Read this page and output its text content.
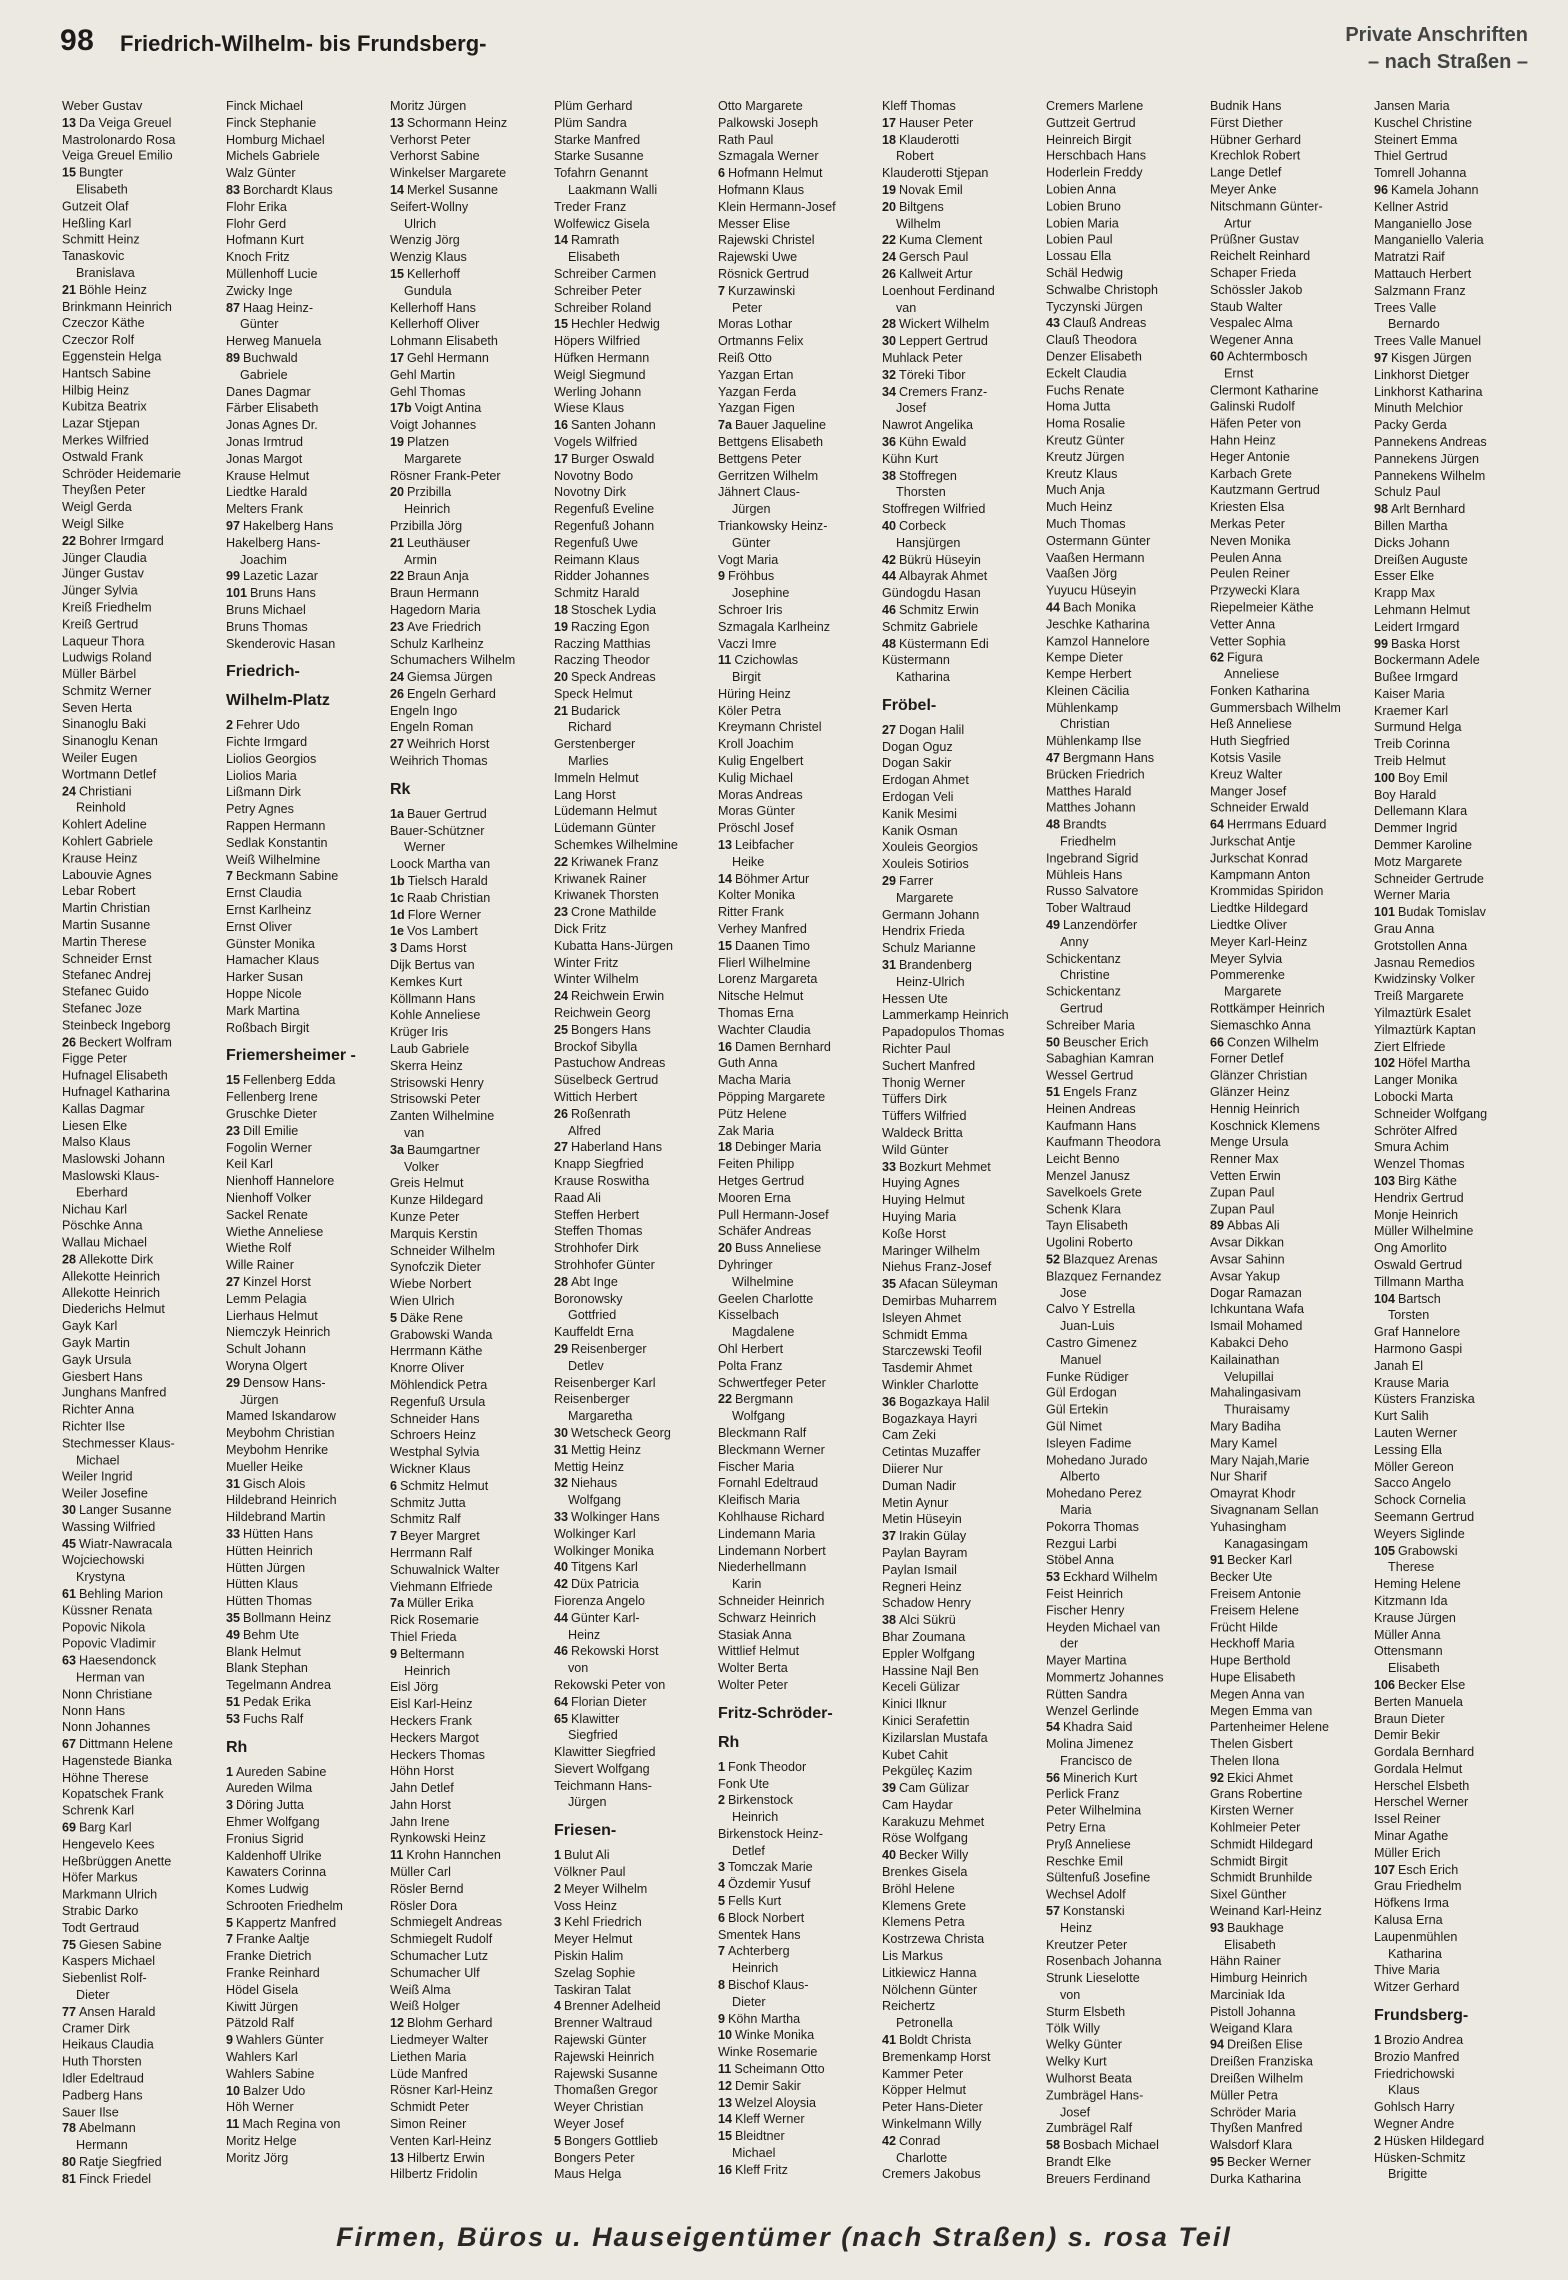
98 Friedrich-Wilhelm- bis Frundsberg-	Private Anschriften
– nach Straßen –
Weber Gustav
13 Da Veiga Greuel
Mastrolonardo Rosa
Veiga Greuel Emilio
15 Bungter
Elisabeth
Gutzeit Olaf
Heßling Karl
Schmitt Heinz
Tanaskovic
Branislava
21 Böhle Heinz
Brinkmann Heinrich
Czeczor Käthe
Czeczor Rolf
Eggenstein Helga
Hantsch Sabine
Hilbig Heinz
Kubitza Beatrix
Lazar Stjepan
Merkes Wilfried
Ostwald Frank
Schröder Heidemarie
Theyßen Peter
Weigl Gerda
Weigl Silke
22 Bohrer Irmgard
Jünger Claudia
Jünger Gustav
Jünger Sylvia
Kreiß Friedhelm
Kreiß Gertrud
Laqueur Thora
Ludwigs Roland
Müller Bärbel
Schmitz Werner
Seven Herta
Sinanoglu Baki
Sinanoglu Kenan
Weiler Eugen
Wortmann Detlef
24 Christiani
Reinhold
Kohlert Adeline
Kohlert Gabriele
Krause Heinz
Labouvie Agnes
Lebar Robert
Martin Christian
Martin Susanne
Martin Therese
Schneider Ernst
Stefanec Andrej
Stefanec Guido
Stefanec Joze
Steinbeck Ingeborg
26 Beckert Wolfram
Figge Peter
Hufnagel Elisabeth
Hufnagel Katharina
Kallas Dagmar
Liesen Elke
Malso Klaus
Maslowski Johann
Maslowski Klaus-
Eberhard
Nichau Karl
Pöschke Anna
Wallau Michael
28 Allekotte Dirk
Allekotte Heinrich
Allekotte Heinrich
Diederichs Helmut
Gayk Karl
Gayk Martin
Gayk Ursula
Giesbert Hans
Junghans Manfred
Richter Anna
Richter Ilse
Stechmesser Klaus-
Michael
Weiler Ingrid
Weiler Josefine
30 Langer Susanne
Wassing Wilfried
45 Wiatr-Nawracala
Wojciechowski
Krystyna
61 Behling Marion
Küssner Renata
Popovic Nikola
Popovic Vladimir
63 Haesendonck
Herman van
Nonn Christiane
Nonn Hans
Nonn Johannes
67 Dittmann Helene
Hagenstede Bianka
Höhne Therese
Kopatschek Frank
Schrenk Karl
69 Barg Karl
Hengevelo Kees
Heßbrüggen Anette
Höfer Markus
Markmann Ulrich
Strabic Darko
Todt Gertraud
75 Giesen Sabine
Kaspers Michael
Siebenlist Rolf-
Dieter
77 Ansen Harald
Cramer Dirk
Heikaus Claudia
Huth Thorsten
Idler Edeltraud
Padberg Hans
Sauer Ilse
78 Abelmann
Hermann
80 Ratje Siegfried
81 Finck Friedel
Finck Michael
Finck Stephanie
Homburg Michael
Michels Gabriele
Walz Günter
83 Borchardt Klaus
Flohr Erika
Flohr Gerd
Hofmann Kurt
Knoch Fritz
Müllenhoff Lucie
Zwicky Inge
87 Haag Heinz-
Günter
Herweg Manuela
89 Buchwald
Gabriele
Danes Dagmar
Färber Elisabeth
Jonas Agnes Dr.
Jonas Irmtrud
Jonas Margot
Krause Helmut
Liedtke Harald
Melters Frank
97 Hakelberg Hans
Hakelberg Hans-
Joachim
99 Lazetic Lazar
101 Bruns Hans
Bruns Michael
Bruns Thomas
Skenderovic Hasan
Friedrich-
Wilhelm-Platz
2 Fehrer Udo
Fichte Irmgard
Liolios Georgios
Liolios Maria
Lißmann Dirk
Petry Agnes
Rappen Hermann
Sedlak Konstantin
Weiß Wilhelmine
7 Beckmann Sabine
Ernst Claudia
Ernst Karlheinz
Ernst Oliver
Günster Monika
Hamacher Klaus
Harker Susan
Hoppe Nicole
Mark Martina
Roßbach Birgit
Friemersheimer -
15 Fellenberg Edda
Fellenberg Irene
Gruschke Dieter
23 Dill Emilie
Fogolin Werner
Keil Karl
Nienhoff Hannelore
Nienhoff Volker
Sackel Renate
Wiethe Anneliese
Wiethe Rolf
Wille Rainer
27 Kinzel Horst
Lemm Pelagia
Lierhaus Helmut
Niemczyk Heinrich
Schult Johann
Woryna Olgert
29 Densow Hans-
Jürgen
Mamed Iskandarow
Meybohm Christian
Meybohm Henrike
Mueller Heike
31 Gisch Alois
Hildebrand Heinrich
Hildebrand Martin
33 Hütten Hans
Hütten Heinrich
Hütten Jürgen
Hütten Klaus
Hütten Thomas
35 Bollmann Heinz
49 Behm Ute
Blank Helmut
Blank Stephan
Tegelmann Andrea
51 Pedak Erika
53 Fuchs Ralf
Rh
1 Aureden Sabine
Aureden Wilma
3 Döring Jutta
Ehmer Wolfgang
Fronius Sigrid
Kaldenhoff Ulrike
Kawaters Corinna
Komes Ludwig
Schrooten Friedhelm
5 Kappertz Manfred
7 Franke Aaltje
Franke Dietrich
Franke Reinhard
Hödel Gisela
Kiwitt Jürgen
Pätzold Ralf
9 Wahlers Günter
Wahlers Karl
Wahlers Sabine
10 Balzer Udo
Höh Werner
11 Mach Regina von
Moritz Helge
Moritz Jörg
Moritz Jürgen
13 Schormann Heinz
Verhorst Peter
Verhorst Sabine
Winkelser Margarete
14 Merkel Susanne
Seifert-Wollny
Ulrich
Wenzig Jörg
Wenzig Klaus
15 Kellerhoff
Gundula
Kellerhoff Hans
Kellerhoff Oliver
Lohmann Elisabeth
17 Gehl Hermann
Gehl Martin
Gehl Thomas
17b Voigt Antina
Voigt Johannes
19 Platzen
Margarete
Rösner Frank-Peter
20 Przibilla
Heinrich
Przibilla Jörg
21 Leuthäuser
Armin
22 Braun Anja
Braun Hermann
Hagedorn Maria
23 Ave Friedrich
Schulz Karlheinz
Schumachers Wilhelm
24 Giemsa Jürgen
26 Engeln Gerhard
Engeln Ingo
Engeln Roman
27 Weihrich Horst
Weihrich Thomas
Rk
1a Bauer Gertrud
Bauer-Schützner
Werner
Loock Martha van
1b Tielsch Harald
1c Raab Christian
1d Flore Werner
1e Vos Lambert
3 Dams Horst
Dijk Bertus van
Kemkes Kurt
Köllmann Hans
Kohle Anneliese
Krüger Iris
Laub Gabriele
Skerra Heinz
Strisowski Henry
Strisowski Peter
Zanten Wilhelmine
van
3a Baumgartner
Volker
Greis Helmut
Kunze Hildegard
Kunze Peter
Marquis Kerstin
Schneider Wilhelm
Synofczik Dieter
Wiebe Norbert
Wien Ulrich
5 Däke Rene
Grabowski Wanda
Herrmann Käthe
Knorre Oliver
Möhlendick Petra
Regenfuß Ursula
Schneider Hans
Schroers Heinz
Westphal Sylvia
Wickner Klaus
6 Schmitz Helmut
Schmitz Jutta
Schmitz Ralf
7 Beyer Margret
Herrmann Ralf
Schuwalnick Walter
Viehmann Elfriede
7a Müller Erika
Rick Rosemarie
Thiel Frieda
9 Beltermann
Heinrich
Eisl Jörg
Eisl Karl-Heinz
Heckers Frank
Heckers Margot
Heckers Thomas
Höhn Horst
Jahn Detlef
Jahn Horst
Jahn Irene
Rynkowski Heinz
11 Krohn Hannchen
Müller Carl
Rösler Bernd
Rösler Dora
Schmiegelt Andreas
Schmiegelt Rudolf
Schumacher Lutz
Schumacher Ulf
Weiß Alma
Weiß Holger
12 Blohm Gerhard
Liedmeyer Walter
Liethen Maria
Lüde Manfred
Rösner Karl-Heinz
Schmidt Peter
Simon Reiner
Venten Karl-Heinz
13 Hilbertz Erwin
Hilbertz Fridolin
Plüm Gerhard
Plüm Sandra
Starke Manfred
Starke Susanne
Tofahrn Genannt
Laakmann Walli
Treder Franz
Wolfewicz Gisela
14 Ramrath
Elisabeth
Schreiber Carmen
Schreiber Peter
Schreiber Roland
15 Hechler Hedwig
Höpers Wilfried
Hüfken Hermann
Weigl Siegmund
Werling Johann
Wiese Klaus
16 Santen Johann
Vogels Wilfried
17 Burger Oswald
Novotny Bodo
Novotny Dirk
Regenfuß Eveline
Regenfuß Johann
Regenfuß Uwe
Reimann Klaus
Ridder Johannes
Schmitz Harald
18 Stoschek Lydia
19 Raczing Egon
Raczing Matthias
Raczing Theodor
20 Speck Andreas
Speck Helmut
21 Budarick
Richard
Gerstenberger
Marlies
Immeln Helmut
Lang Horst
Lüdemann Helmut
Lüdemann Günter
Schemkes Wilhelmine
22 Kriwanek Franz
Kriwanek Rainer
Kriwanek Thorsten
23 Crone Mathilde
Dick Fritz
Kubatta Hans-Jürgen
Winter Fritz
Winter Wilhelm
24 Reichwein Erwin
Reichwein Georg
25 Bongers Hans
Brockof Sibylla
Pastuchow Andreas
Süselbeck Gertrud
Wittich Herbert
26 Roßenrath
Alfred
27 Haberland Hans
Knapp Siegfried
Krause Roswitha
Raad Ali
Steffen Herbert
Steffen Thomas
Strohhofer Dirk
Strohhofer Günter
28 Abt Inge
Boronowsky
Gottfried
Kauffeldt Erna
29 Reisenberger
Detlev
Reisenberger Karl
Reisenberger
Margaretha
30 Wetscheck Georg
31 Mettig Heinz
Mettig Heinz
32 Niehaus
Wolfgang
33 Wolkinger Hans
Wolkinger Karl
Wolkinger Monika
40 Titgens Karl
42 Düx Patricia
Fiorenza Angelo
44 Günter Karl-
Heinz
46 Rekowski Horst
von
Rekowski Peter von
64 Florian Dieter
65 Klawitter
Siegfried
Klawitter Siegfried
Sievert Wolfgang
Teichmann Hans-
Jürgen
Friesen-
1 Bulut Ali
Völkner Paul
2 Meyer Wilhelm
Voss Heinz
3 Kehl Friedrich
Meyer Helmut
Piskin Halim
Szelag Sophie
Taskiran Talat
4 Brenner Adelheid
Brenner Waltraud
Rajewski Günter
Rajewski Heinrich
Rajewski Susanne
Thomaßen Gregor
Weyer Christian
Weyer Josef
5 Bongers Gottlieb
Bongers Peter
Maus Helga
Otto Margarete
Palkowski Joseph
Rath Paul
Szmagala Werner
6 Hofmann Helmut
Hofmann Klaus
Klein Hermann-Josef
Messer Elise
Rajewski Christel
Rajewski Uwe
Rösnick Gertrud
7 Kurzawinski
Peter
Moras Lothar
Ortmanns Felix
Reiß Otto
Yazgan Ertan
Yazgan Ferda
Yazgan Figen
7a Bauer Jaqueline
Bettgens Elisabeth
Bettgens Peter
Gerritzen Wilhelm
Jähnert Claus-
Jürgen
Triankowsky Heinz-
Günter
Vogt Maria
9 Fröhbus
Josephine
Schroer Iris
Szmagala Karlheinz
Vaczi Imre
11 Czichowlas
Birgit
Hüring Heinz
Köler Petra
Kreymann Christel
Kroll Joachim
Kulig Engelbert
Kulig Michael
Moras Andreas
Moras Günter
Pröschl Josef
13 Leibfacher
Heike
14 Böhmer Artur
Kolter Monika
Ritter Frank
Verhey Manfred
15 Daanen Timo
Flierl Wilhelmine
Lorenz Margareta
Nitsche Helmut
Thomas Erna
Wachter Claudia
16 Damen Bernhard
Guth Anna
Macha Maria
Pöpping Margarete
Pütz Helene
Zak Maria
18 Debinger Maria
Feiten Philipp
Hetges Gertrud
Mooren Erna
Pull Hermann-Josef
Schäfer Andreas
20 Buss Anneliese
Dyhringer
Wilhelmine
Geelen Charlotte
Kisselbach
Magdalene
Ohl Herbert
Polta Franz
Schwertfeger Peter
22 Bergmann
Wolfgang
Bleckmann Ralf
Bleckmann Werner
Fischer Maria
Fornahl Edeltraud
Kleifisch Maria
Kohlhause Richard
Lindemann Maria
Lindemann Norbert
Niederhellmann
Karin
Schneider Heinrich
Schwarz Heinrich
Stasiak Anna
Wittlief Helmut
Wolter Berta
Wolter Peter
Fritz-Schröder-
Rh
1 Fonk Theodor
Fonk Ute
2 Birkenstock
Heinrich
Birkenstock Heinz-
Detlef
3 Tomczak Marie
4 Özdemir Yusuf
5 Fells Kurt
6 Block Norbert
Smentek Hans
7 Achterberg
Heinrich
8 Bischof Klaus-
Dieter
9 Köhn Martha
10 Winke Monika
Winke Rosemarie
11 Scheimann Otto
12 Demir Sakir
13 Welzel Aloysia
14 Kleff Werner
15 Bleidtner
Michael
16 Kleff Fritz
Kleff Thomas
17 Hauser Peter
18 Klauderotti
Robert
Klauderotti Stjepan
19 Novak Emil
20 Biltgens
Wilhelm
22 Kuma Clement
24 Gersch Paul
26 Kallweit Artur
Loenhout Ferdinand
van
28 Wickert Wilhelm
30 Leppert Gertrud
Muhlack Peter
32 Töreki Tibor
34 Cremers Franz-
Josef
Nawrot Angelika
36 Kühn Ewald
Kühn Kurt
38 Stoffregen
Thorsten
Stoffregen Wilfried
40 Corbeck
Hansjürgen
42 Bükrü Hüseyin
44 Albayrak Ahmet
Gündogdu Hasan
46 Schmitz Erwin
Schmitz Gabriele
48 Küstermann Edi
Küstermann
Katharina
Fröbel-
27 Dogan Halil
Dogan Oguz
Dogan Sakir
Erdogan Ahmet
Erdogan Veli
Kanik Mesimi
Kanik Osman
Xouleis Georgios
Xouleis Sotirios
29 Farrer
Margarete
Germann Johann
Hendrix Frieda
Schulz Marianne
31 Brandenberg
Heinz-Ulrich
Hessen Ute
Lammerkamp Heinrich
Papadopulos Thomas
Richter Paul
Suchert Manfred
Thonig Werner
Tüffers Dirk
Tüffers Wilfried
Waldeck Britta
Wild Günter
33 Bozkurt Mehmet
Huying Agnes
Huying Helmut
Huying Maria
Koße Horst
Maringer Wilhelm
Niehus Franz-Josef
35 Afacan Süleyman
Demirbas Muharrem
Isleyen Ahmet
Schmidt Emma
Starczewski Teofil
Tasdemir Ahmet
Winkler Charlotte
36 Bogazkaya Halil
Bogazkaya Hayri
Cam Zeki
Cetintas Muzaffer
Diierer Nur
Duman Nadir
Metin Aynur
Metin Hüseyin
37 Irakin Gülay
Paylan Bayram
Paylan Ismail
Regneri Heinz
Schadow Henry
38 Alci Sükrü
Bhar Zoumana
Eppler Wolfgang
Hassine Najl Ben
Keceli Gülizar
Kinici Ilknur
Kinici Serafettin
Kizilarslan Mustafa
Kubet Cahit
Pekgüleç Kazim
39 Cam Gülizar
Cam Haydar
Karakuzu Mehmet
Röse Wolfgang
40 Becker Willy
Brenkes Gisela
Bröhl Helene
Klemens Grete
Klemens Petra
Kostrzewa Christa
Lis Markus
Litkiewicz Hanna
Nölchenn Günter
Reichertz
Petronella
41 Boldt Christa
Bremenkamp Horst
Kammer Peter
Köpper Helmut
Peter Hans-Dieter
Winkelmann Willy
42 Conrad
Charlotte
Cremers Jakobus
Cremers Marlene
Guttzeit Gertrud
Heinreich Birgit
Herschbach Hans
Hoderlein Freddy
Lobien Anna
Lobien Bruno
Lobien Maria
Lobien Paul
Lossau Ella
Schäl Hedwig
Schwalbe Christoph
Tyczynski Jürgen
43 Clauß Andreas
Clauß Theodora
Denzer Elisabeth
Eckelt Claudia
Fuchs Renate
Homa Jutta
Homa Rosalie
Kreutz Günter
Kreutz Jürgen
Kreutz Klaus
Much Anja
Much Heinz
Much Thomas
Ostermann Günter
Vaaßen Hermann
Vaaßen Jörg
Yuyucu Hüseyin
44 Bach Monika
Jeschke Katharina
Kamzol Hannelore
Kempe Dieter
Kempe Herbert
Kleinen Cäcilia
Mühlenkamp
Christian
Mühlenkamp Ilse
47 Bergmann Hans
Brücken Friedrich
Matthes Harald
Matthes Johann
48 Brandts
Friedhelm
Ingebrand Sigrid
Mühleis Hans
Russo Salvatore
Tober Waltraud
49 Lanzendörfer
Anny
Schickentanz
Christine
Schickentanz
Gertrud
Schreiber Maria
50 Beuscher Erich
Sabaghian Kamran
Wessel Gertrud
51 Engels Franz
Heinen Andreas
Kaufmann Hans
Kaufmann Theodora
Leicht Benno
Menzel Janusz
Savelkoels Grete
Schenk Klara
Tayn Elisabeth
Ugolini Roberto
52 Blazquez Arenas
Blazquez Fernandez
Jose
Calvo Y Estrella
Juan-Luis
Castro Gimenez
Manuel
Funke Rüdiger
Gül Erdogan
Gül Ertekin
Gül Nimet
Isleyen Fadime
Mohedano Jurado
Alberto
Mohedano Perez
Maria
Pokorra Thomas
Rezgui Larbi
Stöbel Anna
53 Eckhard Wilhelm
Feist Heinrich
Fischer Henry
Heyden Michael van
der
Mayer Martina
Mommertz Johannes
Rütten Sandra
Wenzel Gerlinde
54 Khadra Said
Molina Jimenez
Francisco de
56 Minerich Kurt
Perlick Franz
Peter Wilhelmina
Petry Erna
Pryß Anneliese
Reschke Emil
Sültenfuß Josefine
Wechsel Adolf
57 Konstanski
Heinz
Kreutzer Peter
Rosenbach Johanna
Strunk Lieselotte
von
Sturm Elsbeth
Tölk Willy
Welky Günter
Welky Kurt
Wulhorst Beata
Zumbrägel Hans-
Josef
Zumbrägel Ralf
58 Bosbach Michael
Brandt Elke
Breuers Ferdinand
Budnik Hans
Fürst Diether
Hübner Gerhard
Krechlok Robert
Lange Detlef
Meyer Anke
Nitschmann Günter-
Artur
Prüßner Gustav
Reichelt Reinhard
Schaper Frieda
Schössler Jakob
Staub Walter
Vespalec Alma
Wegener Anna
60 Achtermbosch
Ernst
Clermont Katharine
Galinski Rudolf
Häfen Peter von
Hahn Heinz
Heger Antonie
Karbach Grete
Kautzmann Gertrud
Kriesten Elsa
Merkas Peter
Neven Monika
Peulen Anna
Peulen Reiner
Przywecki Klara
Riepelmeier Käthe
Vetter Anna
Vetter Sophia
62 Figura
Anneliese
Fonken Katharina
Gummersbach Wilhelm
Heß Anneliese
Huth Siegfried
Kotsis Vasile
Kreuz Walter
Manger Josef
Schneider Erwald
64 Herrmans Eduard
Jurkschat Antje
Jurkschat Konrad
Kampmann Anton
Krommidas Spiridon
Liedtke Hildegard
Liedtke Oliver
Meyer Karl-Heinz
Meyer Sylvia
Pommerenke
Margarete
Rottkämper Heinrich
Siemaschko Anna
66 Conzen Wilhelm
Forner Detlef
Glänzer Christian
Glänzer Heinz
Hennig Heinrich
Koschnick Klemens
Menge Ursula
Renner Max
Vetten Erwin
Zupan Paul
Zupan Paul
89 Abbas Ali
Avsar Dikkan
Avsar Sahinn
Avsar Yakup
Dogar Ramazan
Ichkuntana Wafa
Ismail Mohamed
Kabakci Deho
Kailainathan
Velupillai
Mahalingasivam
Thuraisamy
Mary Badiha
Mary Kamel
Mary Najah,Marie
Nur Sharif
Omayrat Khodr
Sivagnanam Sellan
Yuhasingham
Kanagasingam
91 Becker Karl
Becker Ute
Freisem Antonie
Freisem Helene
Frücht Hilde
Heckhoff Maria
Hupe Berthold
Hupe Elisabeth
Megen Anna van
Megen Emma van
Partenheimer Helene
Thelen Gisbert
Thelen Ilona
92 Ekici Ahmet
Grans Robertine
Kirsten Werner
Kohlmeier Peter
Schmidt Hildegard
Schmidt Birgit
Schmidt Brunhilde
Sixel Günther
Weinand Karl-Heinz
93 Baukhage
Elisabeth
Hähn Rainer
Himburg Heinrich
Marciniak Ida
Pistoll Johanna
Weigand Klara
94 Dreißen Elise
Dreißen Franziska
Dreißen Wilhelm
Müller Petra
Schröder Maria
Thyßen Manfred
Walsdorf Klara
95 Becker Werner
Durka Katharina
Jansen Maria
Kuschel Christine
Steinert Emma
Thiel Gertrud
Tomrell Johanna
96 Kamela Johann
Kellner Astrid
Manganiello Jose
Manganiello Valeria
Matratzi Raif
Mattauch Herbert
Salzmann Franz
Trees Valle
Bernardo
Trees Valle Manuel
97 Kisgen Jürgen
Linkhorst Dietger
Linkhorst Katharina
Minuth Melchior
Packy Gerda
Pannekens Andreas
Pannekens Jürgen
Pannekens Wilhelm
Schulz Paul
98 Arlt Bernhard
Billen Martha
Dicks Johann
Dreißen Auguste
Esser Elke
Krapp Max
Lehmann Helmut
Leidert Irmgard
99 Baska Horst
Bockermann Adele
Bußee Irmgard
Kaiser Maria
Kraemer Karl
Surmund Helga
Treib Corinna
Treib Helmut
100 Boy Emil
Boy Harald
Dellemann Klara
Demmer Ingrid
Demmer Karoline
Motz Margarete
Schneider Gertrude
Werner Maria
101 Budak Tomislav
Grau Anna
Grotstollen Anna
Jasnau Remedios
Kwidzinsky Volker
Treiß Margarete
Yilmaztürk Esalet
Yilmaztürk Kaptan
Ziert Elfriede
102 Höfel Martha
Langer Monika
Lobocki Marta
Schneider Wolfgang
Schröter Alfred
Smura Achim
Wenzel Thomas
103 Birg Käthe
Hendrix Gertrud
Monje Heinrich
Müller Wilhelmine
Ong Amorlito
Oswald Gertrud
Tillmann Martha
104 Bartsch
Torsten
Graf Hannelore
Harmono Gaspi
Janah El
Krause Maria
Küsters Franziska
Kurt Salih
Lauten Werner
Lessing Ella
Möller Gereon
Sacco Angelo
Schock Cornelia
Seemann Gertrud
Weyers Siglinde
105 Grabowski
Therese
Heming Helene
Kitzmann Ida
Krause Jürgen
Müller Anna
Ottensmann
Elisabeth
106 Becker Else
Berten Manuela
Braun Dieter
Demir Bekir
Gordala Bernhard
Gordala Helmut
Herschel Elsbeth
Herschel Werner
Issel Reiner
Minar Agathe
Müller Erich
107 Esch Erich
Grau Friedhelm
Höfkens Irma
Kalusa Erna
Laupenmühlen
Katharina
Thive Maria
Witzer Gerhard
Frundsberg-
1 Brozio Andrea
Brozio Manfred
Friedrichowski
Klaus
Gohlsch Harry
Wegner Andre
2 Hüsken Hildegard
Hüsken-Schmitz
Brigitte
Firmen, Büros u. Hauseigentümer (nach Straßen) s. rosa Teil
